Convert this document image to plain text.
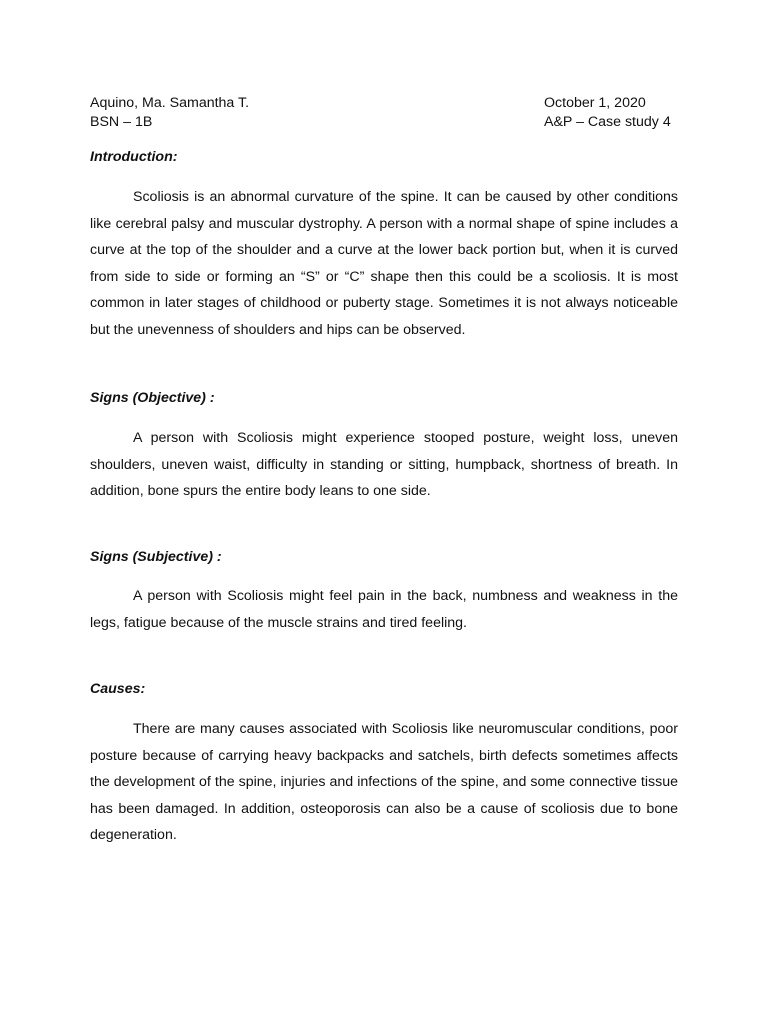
Aquino, Ma. Samantha T.
BSN – 1B
October 1, 2020
A&P – Case study 4
Introduction:

Scoliosis is an abnormal curvature of the spine. It can be caused by other conditions like cerebral palsy and muscular dystrophy. A person with a normal shape of spine includes a curve at the top of the shoulder and a curve at the lower back portion but, when it is curved from side to side or forming an “S” or “C” shape then this could be a scoliosis. It is most common in later stages of childhood or puberty stage. Sometimes it is not always noticeable but the unevenness of shoulders and hips can be observed.

Signs (Objective) :

A person with Scoliosis might experience stooped posture, weight loss, uneven shoulders, uneven waist, difficulty in standing or sitting, humpback, shortness of breath. In addition, bone spurs the entire body leans to one side.

Signs (Subjective) :

A person with Scoliosis might feel pain in the back, numbness and weakness in the legs, fatigue because of the muscle strains and tired feeling.

Causes:

There are many causes associated with Scoliosis like neuromuscular conditions, poor posture because of carrying heavy backpacks and satchels, birth defects sometimes affects the development of the spine, injuries and infections of the spine, and some connective tissue has been damaged. In addition, osteoporosis can also be a cause of scoliosis due to bone degeneration.
